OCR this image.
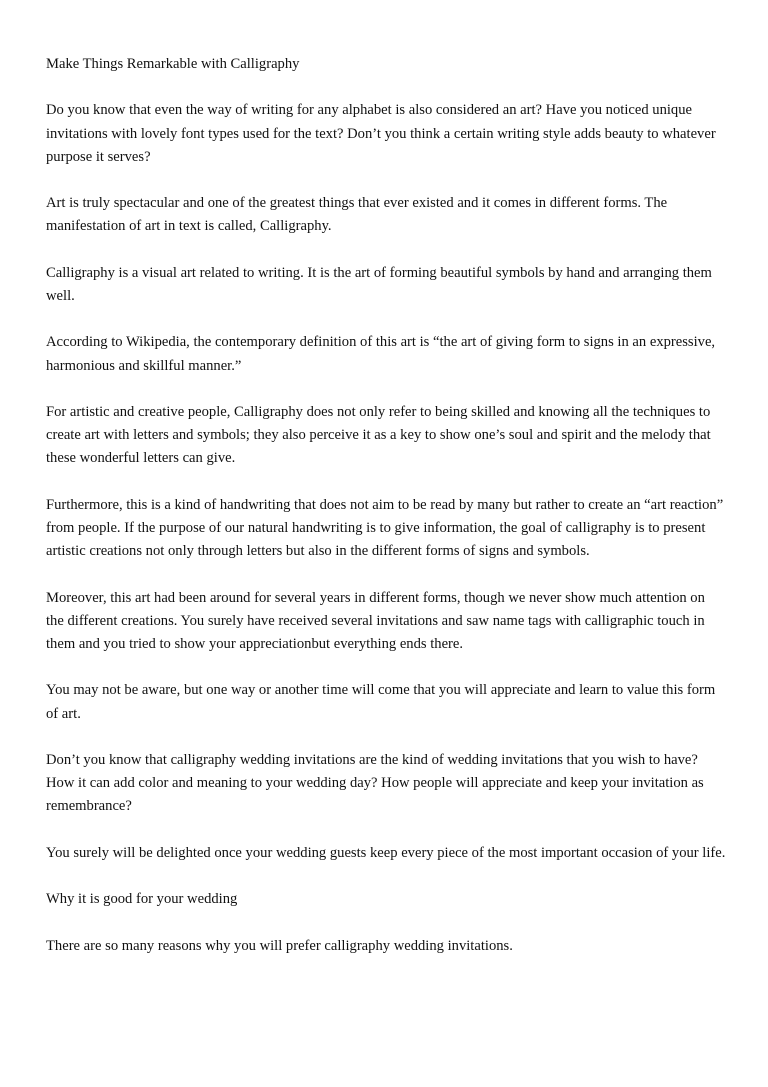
Make Things Remarkable with Calligraphy

Do you know that even the way of writing for any alphabet is also considered an art? Have you noticed unique invitations with lovely font types used for the text? Don’t you think a certain writing style adds beauty to whatever purpose it serves?

Art is truly spectacular and one of the greatest things that ever existed and it comes in different forms. The manifestation of art in text is called, Calligraphy.

Calligraphy is a visual art related to writing. It is the art of forming beautiful symbols by hand and arranging them well.

According to Wikipedia, the contemporary definition of this art is “the art of giving form to signs in an expressive, harmonious and skillful manner.”

For artistic and creative people, Calligraphy does not only refer to being skilled and knowing all the techniques to create art with letters and symbols; they also perceive it as a key to show one’s soul and spirit and the melody that these wonderful letters can give.

Furthermore, this is a kind of handwriting that does not aim to be read by many but rather to create an “art reaction” from people. If the purpose of our natural handwriting is to give information, the goal of calligraphy is to present artistic creations not only through letters but also in the different forms of signs and symbols.

Moreover, this art had been around for several years in different forms, though we never show much attention on the different creations. You surely have received several invitations and saw name tags with calligraphic touch in them and you tried to show your appreciationbut everything ends there.

You may not be aware, but one way or another time will come that you will appreciate and learn to value this form of art.

Don’t you know that calligraphy wedding invitations are the kind of wedding invitations that you wish to have? How it can add color and meaning to your wedding day? How people will appreciate and keep your invitation as remembrance?

You surely will be delighted once your wedding guests keep every piece of the most important occasion of your life.

Why it is good for your wedding

There are so many reasons why you will prefer calligraphy wedding invitations.
